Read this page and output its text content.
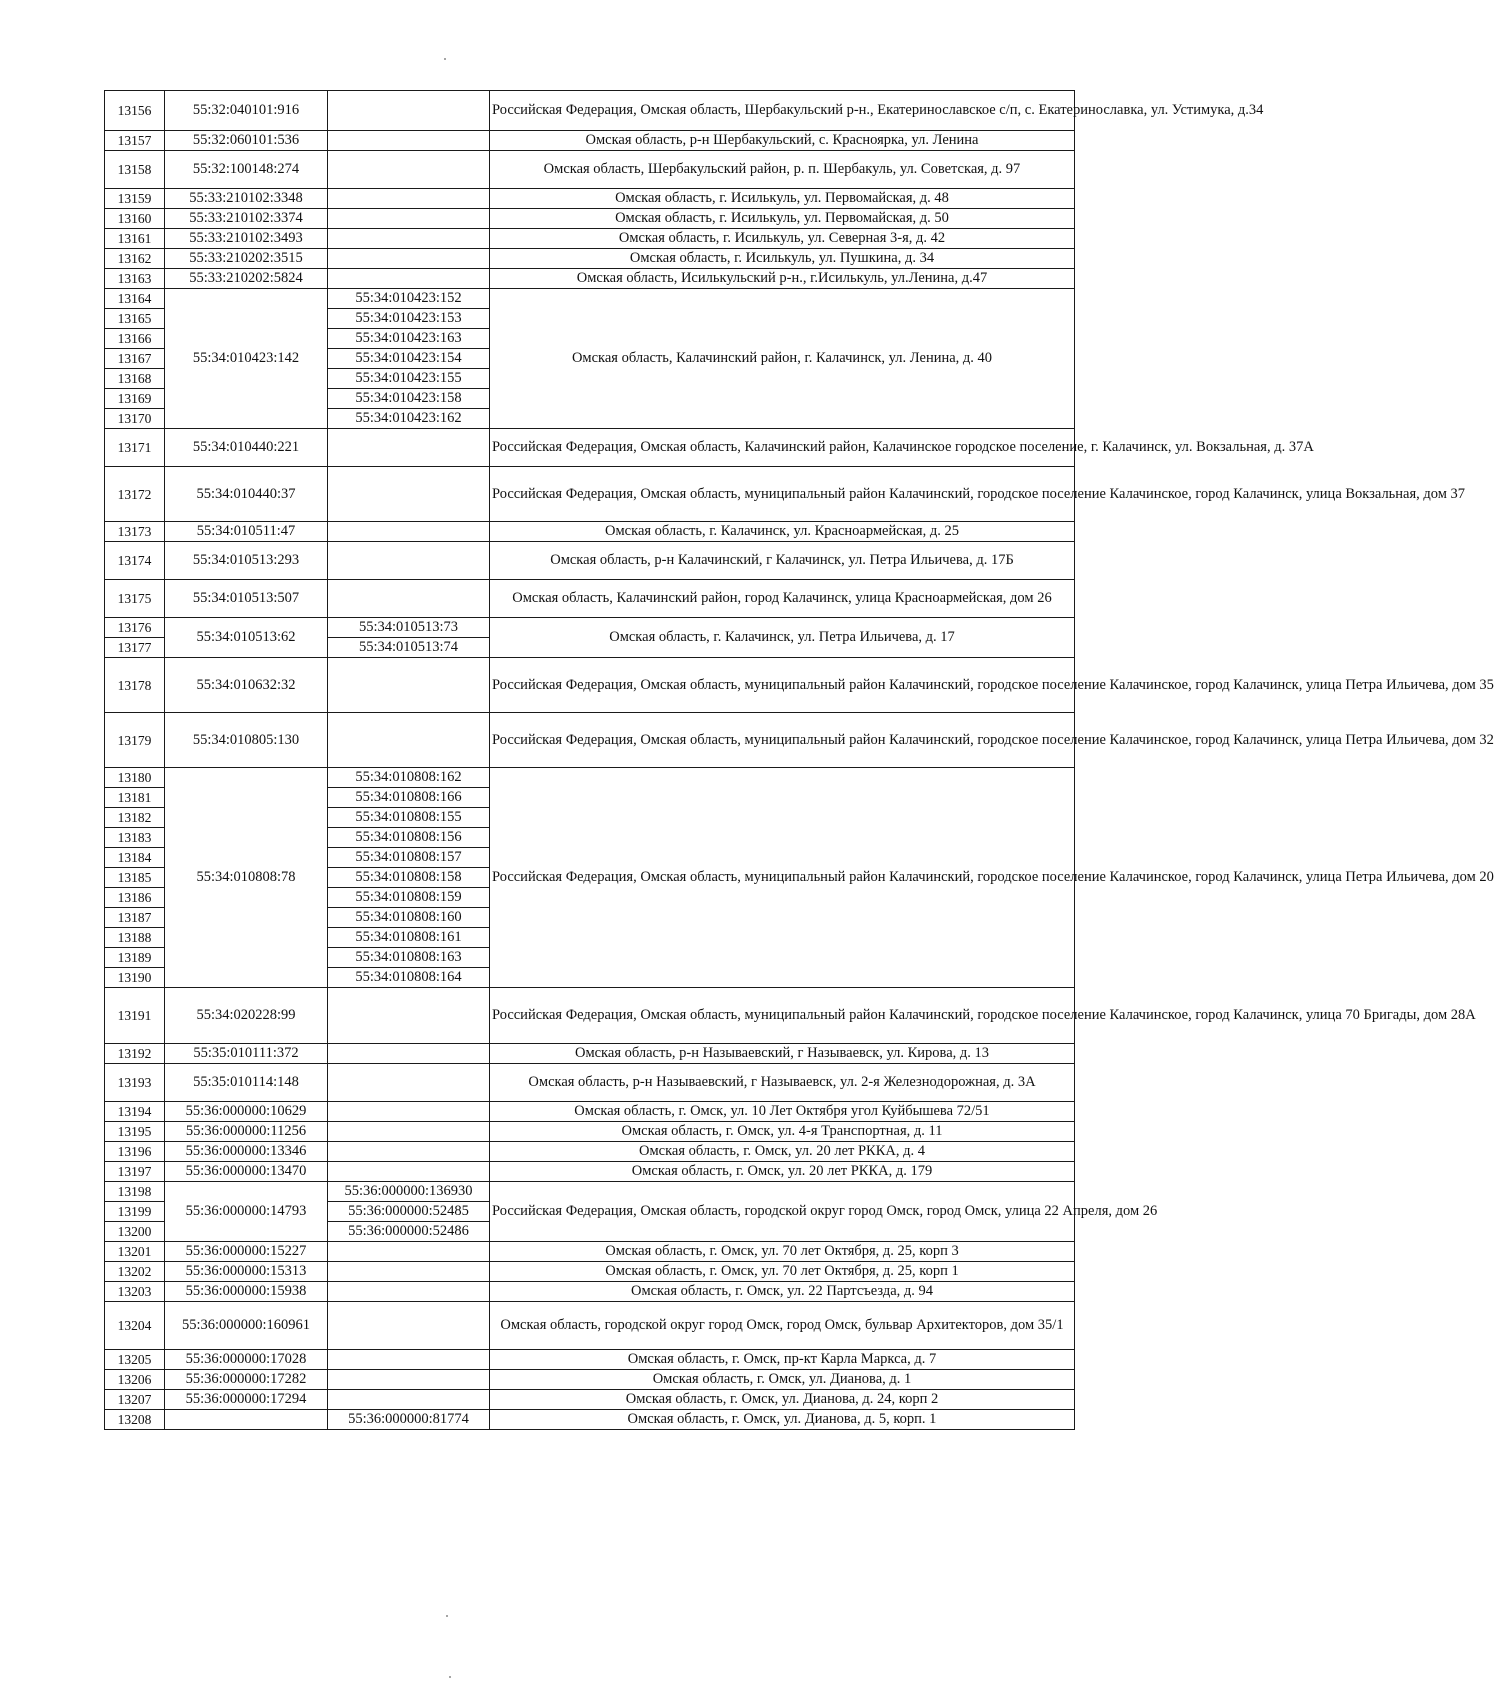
13156	55:32:040101:916		Российская Федерация, Омская область, Шербакульский р-н., Екатеринославское с/п, с. Екатеринославка, ул. Устимука, д.34
13157	55:32:060101:536		Омская область, р-н Шербакульский, с. Красноярка, ул. Ленина
13158	55:32:100148:274		Омская область, Шербакульский район, р. п. Шербакуль, ул. Советская, д. 97
13159	55:33:210102:3348		Омская область, г. Исилькуль, ул. Первомайская, д. 48
13160	55:33:210102:3374		Омская область, г. Исилькуль, ул. Первомайская, д. 50
13161	55:33:210102:3493		Омская область, г. Исилькуль, ул. Северная 3-я, д. 42
13162	55:33:210202:3515		Омская область, г. Исилькуль, ул. Пушкина, д. 34
13163	55:33:210202:5824		Омская область, Исилькульский р-н., г.Исилькуль, ул.Ленина, д.47
13164	55:34:010423:142	55:34:010423:152	Омская область, Калачинский район, г. Калачинск, ул. Ленина, д. 40
13165		55:34:010423:153	
13166		55:34:010423:163	
13167		55:34:010423:154	
13168		55:34:010423:155	
13169		55:34:010423:158	
13170		55:34:010423:162	
13171	55:34:010440:221		Российская Федерация, Омская область, Калачинский район, Калачинское городское поселение, г. Калачинск, ул. Вокзальная, д. 37А
13172	55:34:010440:37		Российская Федерация, Омская область, муниципальный район Калачинский, городское поселение Калачинское, город Калачинск, улица Вокзальная, дом 37
13173	55:34:010511:47		Омская область, г. Калачинск, ул. Красноармейская, д. 25
13174	55:34:010513:293		Омская область, р-н Калачинский, г Калачинск, ул. Петра Ильичева, д. 17Б
13175	55:34:010513:507		Омская область, Калачинский район, город Калачинск, улица Красноармейская, дом 26
13176	55:34:010513:62	55:34:010513:73	Омская область, г. Калачинск, ул. Петра Ильичева, д. 17
13177		55:34:010513:74	
13178	55:34:010632:32		Российская Федерация, Омская область, муниципальный район Калачинский, городское поселение Калачинское, город Калачинск, улица Петра Ильичева, дом 35
13179	55:34:010805:130		Российская Федерация, Омская область, муниципальный район Калачинский, городское поселение Калачинское, город Калачинск, улица Петра Ильичева, дом 32
13180	55:34:010808:78	55:34:010808:162	Российская Федерация, Омская область, муниципальный район Калачинский, городское поселение Калачинское, город Калачинск, улица Петра Ильичева, дом 20
13181		55:34:010808:166	
13182		55:34:010808:155	
13183		55:34:010808:156	
13184		55:34:010808:157	
13185		55:34:010808:158	
13186		55:34:010808:159	
13187		55:34:010808:160	
13188		55:34:010808:161	
13189		55:34:010808:163	
13190		55:34:010808:164	
13191	55:34:020228:99		Российская Федерация, Омская область, муниципальный район Калачинский, городское поселение Калачинское, город Калачинск, улица 70 Бригады, дом 28А
13192	55:35:010111:372		Омская область, р-н Называевский, г Называевск, ул. Кирова, д. 13
13193	55:35:010114:148		Омская область, р-н Называевский, г Называевск, ул. 2-я Железнодорожная, д. 3А
13194	55:36:000000:10629		Омская область, г. Омск, ул. 10 Лет Октября угол Куйбышева 72/51
13195	55:36:000000:11256		Омская область, г. Омск, ул. 4-я Транспортная, д. 11
13196	55:36:000000:13346		Омская область, г. Омск, ул. 20 лет РККА, д. 4
13197	55:36:000000:13470		Омская область, г. Омск, ул. 20 лет РККА, д. 179
13198	55:36:000000:14793	55:36:000000:136930	Российская Федерация, Омская область, городской округ город Омск, город Омск, улица 22 Апреля, дом 26
13199		55:36:000000:52485	
13200		55:36:000000:52486	
13201	55:36:000000:15227		Омская область, г. Омск, ул. 70 лет Октября, д. 25, корп 3
13202	55:36:000000:15313		Омская область, г. Омск, ул. 70 лет Октября, д. 25, корп 1
13203	55:36:000000:15938		Омская область, г. Омск, ул. 22 Партсъезда, д. 94
13204	55:36:000000:160961		Омская область, городской округ город Омск, город Омск, бульвар Архитекторов, дом 35/1
13205	55:36:000000:17028		Омская область, г. Омск, пр-кт Карла Маркса, д. 7
13206	55:36:000000:17282		Омская область, г. Омск, ул. Дианова, д. 1
13207	55:36:000000:17294		Омская область, г. Омск, ул. Дианова, д. 24, корп 2
13208		55:36:000000:81774	Омская область, г. Омск, ул. Дианова, д. 5, корп. 1
